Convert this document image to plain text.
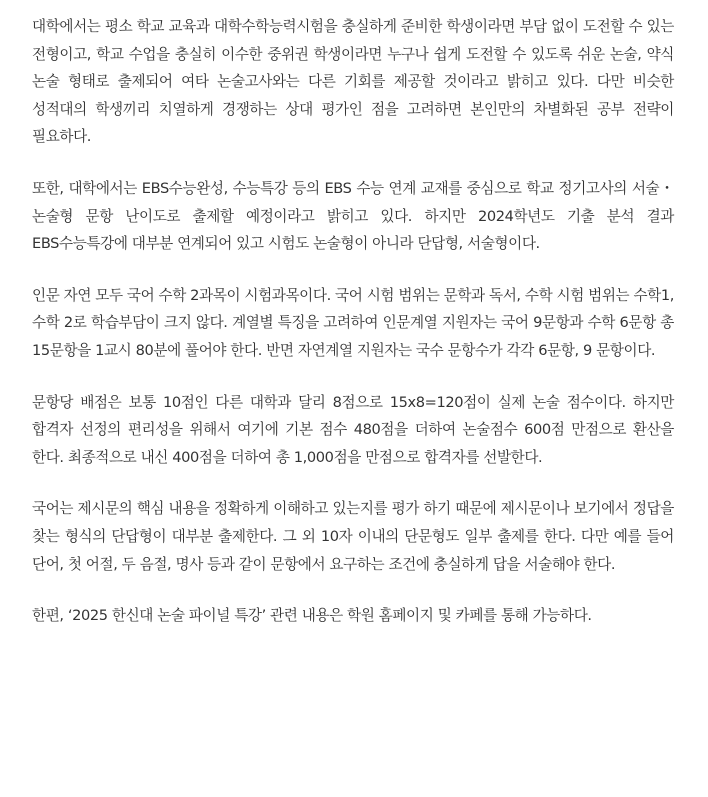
대학에서는 평소 학교 교육과 대학수학능력시험을 충실하게 준비한 학생이라면 부담 없이 도전할 수 있는 전형이고, 학교 수업을 충실히 이수한 중위권 학생이라면 누구나 쉽게 도전할 수 있도록 쉬운 논술, 약식 논술 형태로 출제되어 여타 논술고사와는 다른 기회를 제공할 것이라고 밝히고 있다. 다만 비슷한 성적대의 학생끼리 치열하게 경쟁하는 상대 평가인 점을 고려하면 본인만의 차별화된 공부 전략이 필요하다.

또한, 대학에서는 EBS수능완성, 수능특강 등의 EBS 수능 연계 교재를 중심으로 학교 정기고사의 서술・논술형 문항 난이도로 출제할 예정이라고 밝히고 있다. 하지만 2024학년도 기출 분석 결과 EBS수능특강에 대부분 연계되어 있고 시험도 논술형이 아니라 단답형, 서술형이다.

인문 자연 모두 국어 수학 2과목이 시험과목이다. 국어 시험 범위는 문학과 독서, 수학 시험 범위는 수학1, 수학 2로 학습부담이 크지 않다. 계열별 특징을 고려하여 인문계열 지원자는 국어 9문항과 수학 6문항 총 15문항을 1교시 80분에 풀어야 한다. 반면 자연계열 지원자는 국수 문항수가 각각 6문항, 9 문항이다.

문항당 배점은 보통 10점인 다른 대학과 달리 8점으로 15x8=120점이 실제 논술 점수이다. 하지만 합격자 선정의 편리성을 위해서 여기에 기본 점수 480점을 더하여 논술점수 600점 만점으로 환산을 한다. 최종적으로 내신 400점을 더하여 총 1,000점을 만점으로 합격자를 선발한다.

국어는 제시문의 핵심 내용을 정확하게 이해하고 있는지를 평가 하기 때문에 제시문이나 보기에서 정답을 찾는 형식의 단답형이 대부분 출제한다. 그 외 10자 이내의 단문형도 일부 출제를 한다. 다만 예를 들어 단어, 첫 어절, 두 음절, 명사 등과 같이 문항에서 요구하는 조건에 충실하게 답을 서술해야 한다.

한편, ‘2025 한신대 논술 파이널 특강’ 관련 내용은 학원 홈페이지 및 카페를 통해 가능하다.
